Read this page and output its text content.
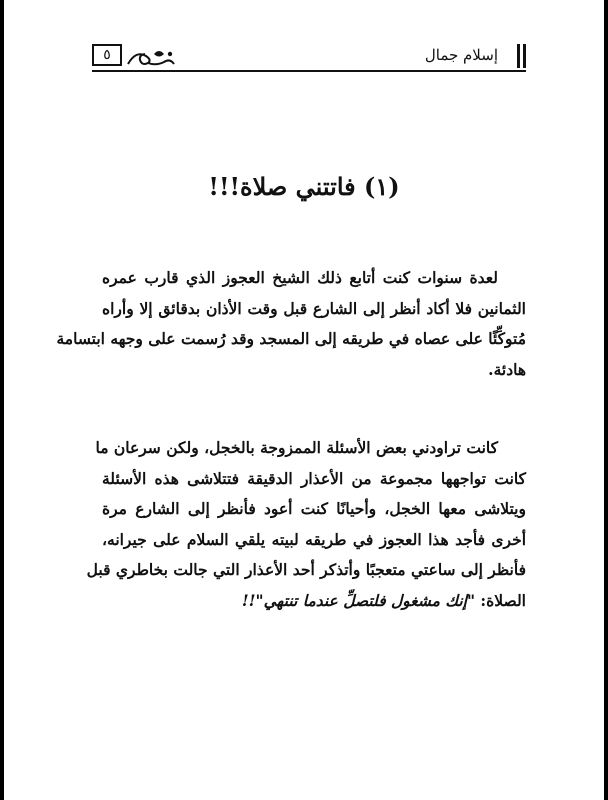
إسلام جمال
٥
(١) فاتتني صلاة!!!
لعدة سنوات كنت أتابع ذلك الشيخ العجوز الذي قارب عمره
الثمانين فلا أكاد أنظر إلى الشارع قبل وقت الأذان بدقائق إلا وأراه
مُتوكِّئًا على عصاه في طريقه إلى المسجد وقد رُسمت على وجهه ابتسامة
هادئة.
كانت تراودني بعض الأسئلة الممزوجة بالخجل، ولكن سرعان ما
كانت تواجهها مجموعة من الأعذار الدقيقة فتتلاشى هذه الأسئلة
ويتلاشى معها الخجل، وأحيانًا كنت أعود فأنظر إلى الشارع مرة
أخرى فأجد هذا العجوز في طريقه لبيته يلقي السلام على جيرانه،
فأنظر إلى ساعتي متعجبًا وأتذكر أحد الأعذار التي جالت بخاطري قبل
الصلاة: "إنك مشغول فلتصلِّ عندما تنتهي"!!
